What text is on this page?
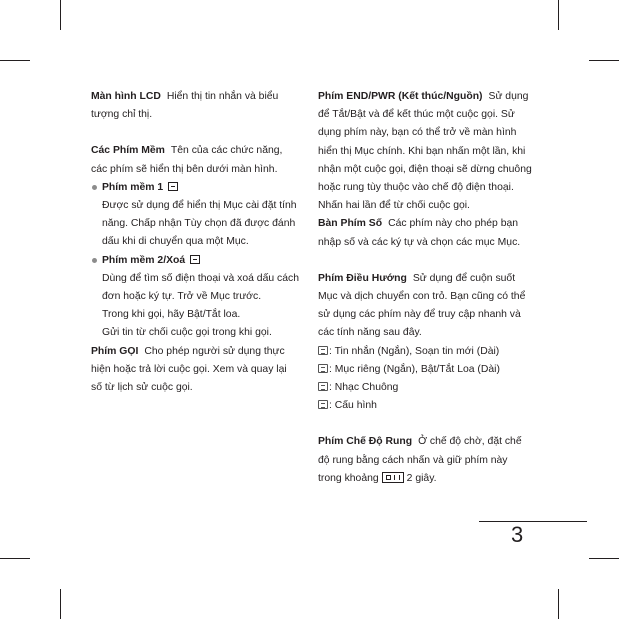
Màn hình LCD Hiển thị tin nhắn và biểu tượng chỉ thị.

Các Phím Mềm Tên của các chức năng, các phím sẽ hiển thị bên dưới màn hình.

Phím mềm 1

Được sử dụng để hiển thị Mục cài đặt tính năng. Chấp nhận Tùy chọn đã được đánh dấu khi di chuyển qua một Mục.

Phím mềm 2/Xoá

Dùng để tìm số điện thoại và xoá dấu cách đơn hoặc ký tự. Trở về Mục trước.

Trong khi gọi, hãy Bật/Tắt loa.

Gửi tin từ chối cuộc gọi trong khi gọi.

Phím GỌI Cho phép người sử dụng thực hiện hoặc trả lời cuộc gọi. Xem và quay lại số từ lịch sử cuộc gọi.

Phím END/PWR (Kết thúc/Nguồn) Sử dụng để Tắt/Bật và để kết thúc một cuộc gọi. Sử dụng phím này, bạn có thể trở về màn hình hiển thị Mục chính. Khi bạn nhấn một lần, khi nhận một cuộc gọi, điện thoại sẽ dừng chuông hoặc rung tùy thuộc vào chế độ điện thoại. Nhấn hai lần để từ chối cuộc gọi.

Bàn Phím Số Các phím này cho phép bạn nhập số và các ký tự và chọn các mục Mục.

Phím Điều Hướng Sử dụng để cuộn suốt Mục và dịch chuyển con trỏ. Bạn cũng có thể sử dụng các phím này để truy cập nhanh và các tính năng sau đây.

: Tin nhắn (Ngắn), Soạn tin mới (Dài)

: Mục riêng (Ngắn), Bật/Tắt Loa (Dài)

: Nhạc Chuông

: Cấu hình

Phím Chế Độ Rung Ở chế độ chờ, đặt chế độ rung bằng cách nhấn và giữ phím này trong khoảng	2 giây.

3
